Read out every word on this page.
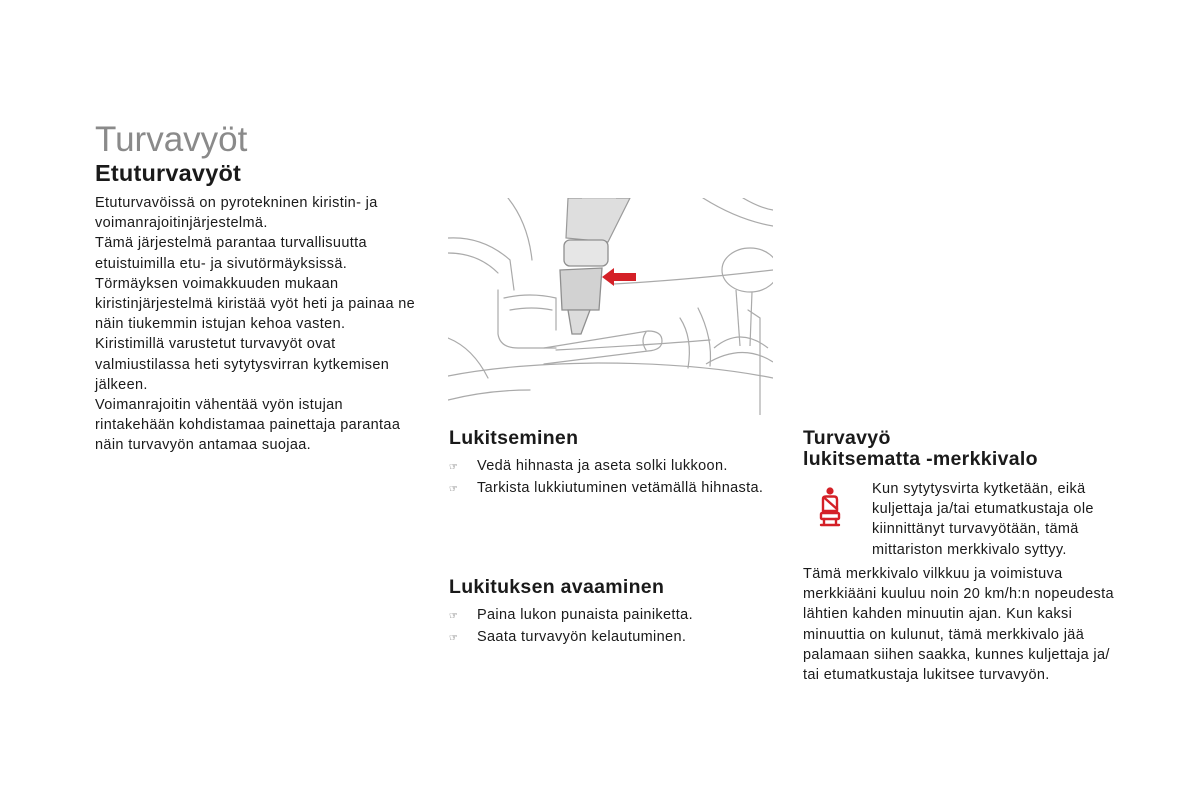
Turvavyöt
Etuturvavyöt

Etuturvavöissä on pyrotekninen kiristin- ja
voimanrajoitinjärjestelmä.

Tämä järjestelmä parantaa turvallisuutta
etuistuimilla etu- ja sivutörmäyksissä.

Törmäyksen voimakkuuden mukaan
kiristinjärjestelmä kiristää vyöt heti ja painaa ne
näin tiukemmin istujan kehoa vasten.

Kiristimillä varustetut turvavyöt ovat
valmiustilassa heti sytytysvirran kytkemisen
jälkeen.

Voimanrajoitin vähentää vyön istujan
rintakehään kohdistamaa painettaja parantaa
näin turvavyön antamaa suojaa.	Lukitseminen
☞
Vedä hihnasta ja aseta solki lukkoon.
☞
Tarkista lukkiutuminen vetämällä hihnasta.
Lukituksen avaaminen
☞
Paina lukon punaista painiketta.
☞
Saata turvavyön kelautuminen.
Turvavyö
lukitsematta -merkkivalo

Kun sytytysvirta kytketään, eikä
kuljettaja ja/tai etumatkustaja ole
kiinnittänyt turvavyötään, tämä
mittariston merkkivalo syttyy.

Tämä merkkivalo vilkkuu ja voimistuva
merkkiääni kuuluu noin 20 km/h:n nopeudesta
lähtien kahden minuutin ajan. Kun kaksi
minuuttia on kulunut, tämä merkkivalo jää
palamaan siihen saakka, kunnes kuljettaja ja/
tai etumatkustaja lukitsee turvavyön.
